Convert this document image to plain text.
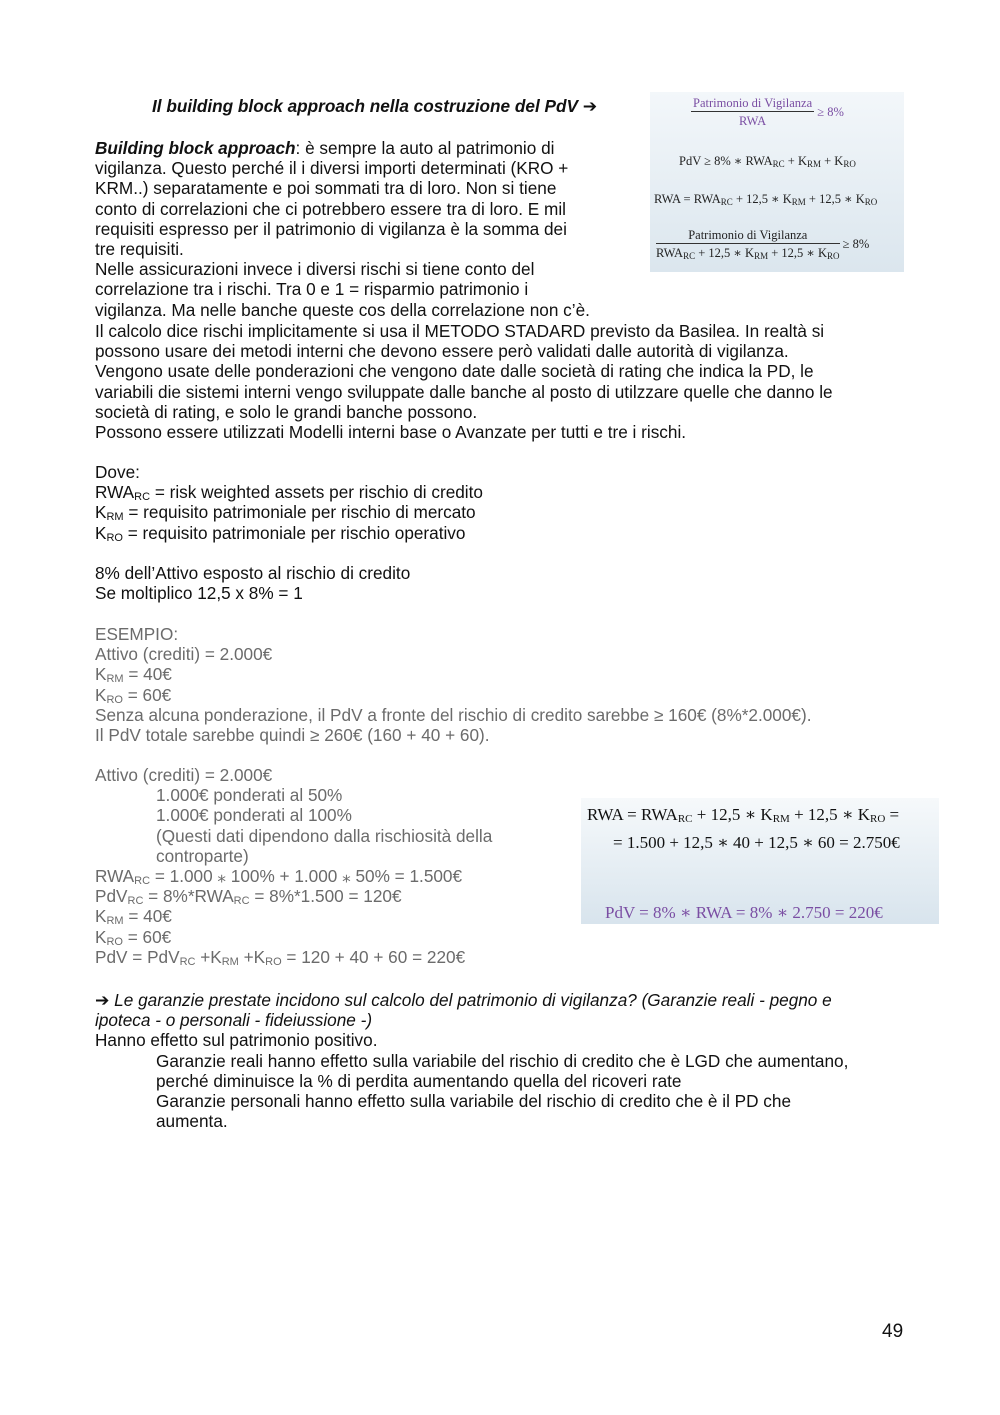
Il building block approach nella costruzione del PdV ➔	$\frac{\text{Patrimonio di Vigilanza}}{\text{RWA}} \ge 8\%$
PdV ≥ 8% ∗ $RWA_{RC} + K_{RM} + K_{RO}$
RWA = $RWA_{RC} + 12,5$ ∗ $K_{RM} + 12,5$ ∗ $K_{RO}$
$\frac{\text{Patrimonio di Vigilanza}}{RWA_{RC} + 12,5 ∗ K_{RM} + 12,5 ∗ K_{RO}} \ge 8\%$
Building block approach: è sempre la auto al patrimonio di
vigilanza. Questo perché il i diversi importi determinati (KRO +
KRM..) separatamente e poi sommati tra di loro. Non si tiene
conto di correlazioni che ci potrebbero essere tra di loro. E mil
requisiti espresso per il patrimonio di vigilanza è la somma dei
tre requisiti.
Nelle assicurazioni invece i diversi rischi si tiene conto del
correlazione tra i rischi. Tra 0 e 1 = risparmio patrimonio i
vigilanza. Ma nelle banche queste cos della correlazione non c’è.
Il calcolo dice rischi implicitamente si usa il METODO STADARD previsto da Basilea. In realtà si
possono usare dei metodi interni che devono essere però validati dalle autorità di vigilanza.
Vengono usate delle ponderazioni che vengono date dalle società di rating che indica la PD, le
variabili die sistemi interni vengo sviluppate dalle banche al posto di utilzzare quelle che danno le
società di rating, e solo le grandi banche possono.
Possono essere utilizzati Modelli interni base o Avanzate per tutti e tre i rischi.
Dove:
$RWA_{RC}$ = risk weighted assets per rischio di credito
$K_{RM}$ = requisito patrimoniale per rischio di mercato
$K_{RO}$ = requisito patrimoniale per rischio operativo
8% dell’Attivo esposto al rischio di credito
Se moltiplico 12,5 x 8% = 1
ESEMPIO:
Attivo (crediti) = 2.000€
$K_{RM}$ = 40€
$K_{RO}$ = 60€
Senza alcuna ponderazione, il PdV a fronte del rischio di credito sarebbe ≥ 160€ (8%*2.000€).
Il PdV totale sarebbe quindi ≥ 260€ (160 + 40 + 60).
Attivo (crediti) = 2.000€
1.000€ ponderati al 50%
1.000€ ponderati al 100%
(Questi dati dipendono dalla rischiosità della
controparte)
$RWA_{RC} = 1.000$ ⁎ 100% + 1.000 ⁎ 50% = 1.500€
$PdV_{RC} = 8\%*RWA_{RC} = 8\%*1.500$ = 120€
$K_{RM}$ = 40€
$K_{RO}$ = 60€
PdV = $PdV_{RC} +K_{RM} +K_{RO} = 120 + 40 + 60$ = 220€
RWA = $RWA_{RC} + 12,5$ ∗ $K_{RM} + 12,5$ ∗ $K_{RO}$ =
= 1.500 + 12,5 ∗ 40 + 12,5 ∗ 60 = 2.750€
PdV = 8% ∗ RWA = 8% ∗ 2.750 = 220€
➔ Le garanzie prestate incidono sul calcolo del patrimonio di vigilanza? (Garanzie reali - pegno e
ipoteca - o personali - fideiussione -)
Hanno effetto sul patrimonio positivo.
Garanzie reali hanno effetto sulla variabile del rischio di credito che è LGD che aumentano,
perché diminuisce la % di perdita aumentando quella del ricoveri rate
Garanzie personali hanno effetto sulla variabile del rischio di credito che è il PD che
aumenta.
49
